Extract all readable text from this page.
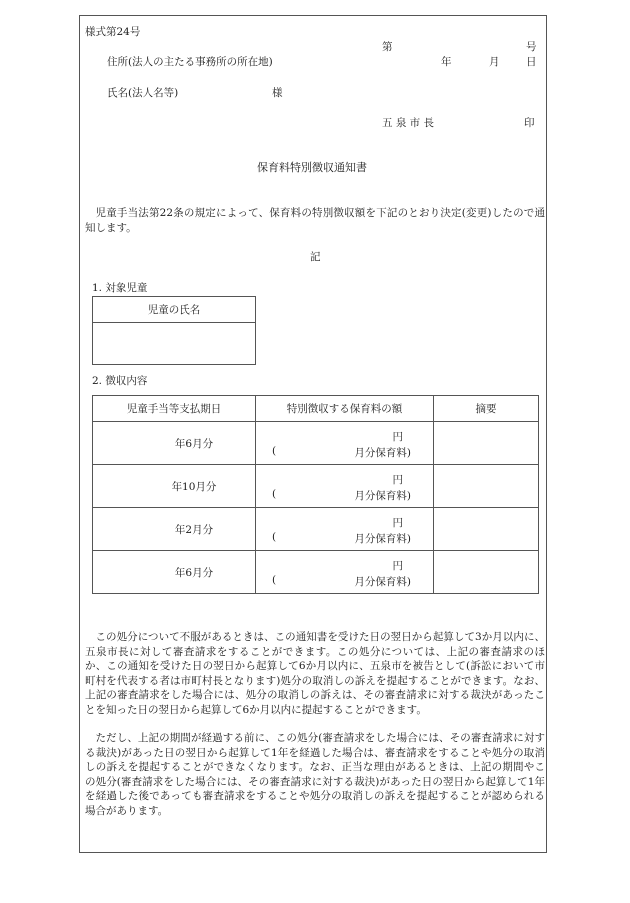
様式第24号
第	号
住所(法人の主たる事務所の所在地)	年	月	日
氏名(法人名等)	様
五 泉 市 長	印
保育料特別徴収通知書
児童手当法第22条の規定によって、保育料の特別徴収額を下記のとおり決定(変更)したので通知します。
記
1. 対象児童
児童の氏名

2. 徴収内容
児童手当等支払期日	特別徴収する保育料の額	摘要
年6月分	円
( 月分保育料)	

年10月分	円
( 月分保育料)	

年2月分	円
( 月分保育料)	

年6月分	円
( 月分保育料)	

この処分について不服があるときは、この通知書を受けた日の翌日から起算して3か月以内に、五泉市長に対して審査請求をすることができます。この処分については、上記の審査請求のほか、この通知を受けた日の翌日から起算して6か月以内に、五泉市を被告として(訴訟において市町村を代表する者は市町村長となります)処分の取消しの訴えを提起することができます。なお、上記の審査請求をした場合には、処分の取消しの訴えは、その審査請求に対する裁決があったことを知った日の翌日から起算して6か月以内に提起することができます。
ただし、上記の期間が経過する前に、この処分(審査請求をした場合には、その審査請求に対する裁決)があった日の翌日から起算して1年を経過した場合は、審査請求をすることや処分の取消しの訴えを提起することができなくなります。なお、正当な理由があるときは、上記の期間やこの処分(審査請求をした場合には、その審査請求に対する裁決)があった日の翌日から起算して1年を経過した後であっても審査請求をすることや処分の取消しの訴えを提起することが認められる場合があります。
